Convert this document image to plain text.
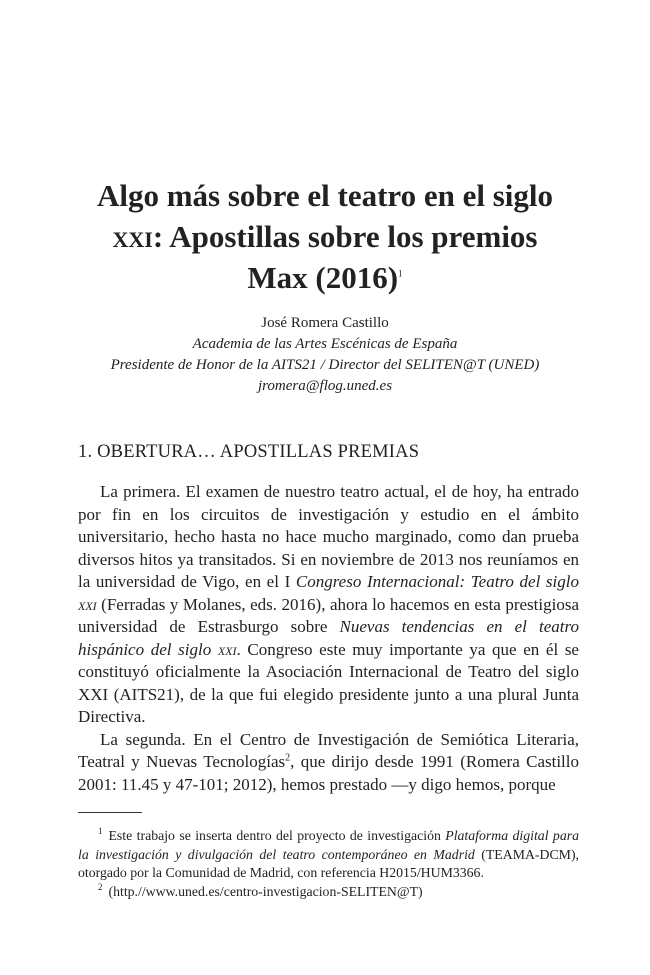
Algo más sobre el teatro en el siglo
xxi: Apostillas sobre los premios
Max (2016)$^1$
José Romera Castillo
Academia de las Artes Escénicas de España
Presidente de Honor de la AITS21 / Director del SELITEN@T (UNED)
jromera@flog.uned.es
1. OBERTURA… APOSTILLAS PREMIAS

La primera. El examen de nuestro teatro actual, el de hoy, ha entrado por fin en los circuitos de investigación y estudio en el ámbito universitario, hecho hasta no hace mucho marginado, como dan prueba diversos hitos ya transitados. Si en noviembre de 2013 nos reuníamos en la universidad de Vigo, en el I Congreso Internacional: Teatro del siglo xxi (Ferradas y Molanes, eds. 2016), ahora lo hacemos en esta prestigiosa universidad de Estrasburgo sobre Nuevas tendencias en el teatro hispánico del siglo xxi. Congreso este muy importante ya que en él se constituyó oficialmente la Asociación Internacional de Teatro del siglo XXI (AITS21), de la que fui elegido presidente junto a una plural Junta Directiva.

La segunda. En el Centro de Investigación de Semiótica Literaria, Teatral y Nuevas Tecnologías$^2$, que dirijo desde 1991 (Romera Castillo 2001: 11.45 y 47-101; 2012), hemos prestado —y digo hemos, porque

$^1$ Este trabajo se inserta dentro del proyecto de investigación Plataforma digital para la investigación y divulgación del teatro contemporáneo en Madrid (TEAMA-DCM), otorgado por la Comunidad de Madrid, con referencia H2015/HUM3366.

$^2$ (http.//www.uned.es/centro-investigacion-SELITEN@T)
